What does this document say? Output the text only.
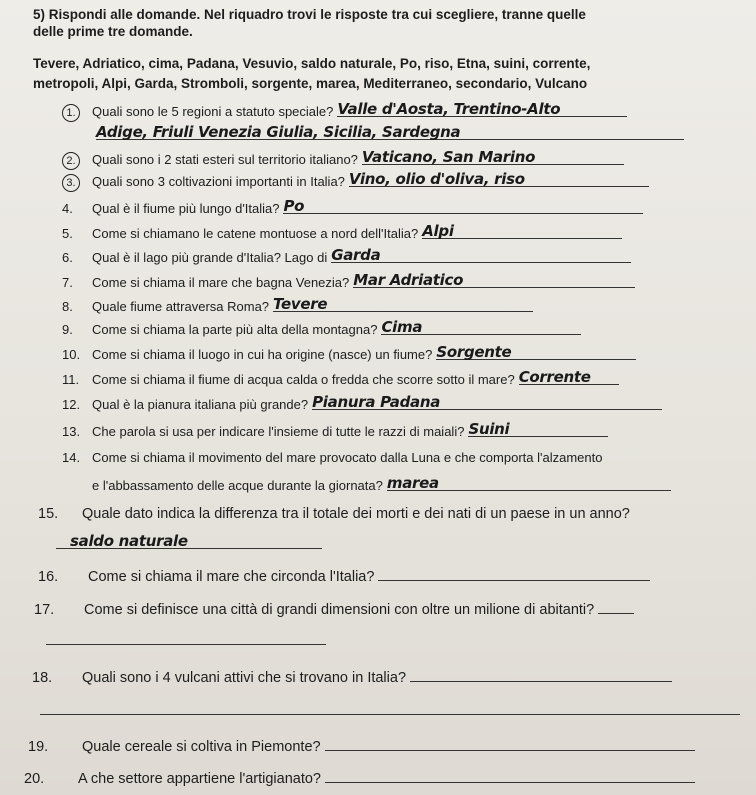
5) Rispondi alle domande. Nel riquadro trovi le risposte tra cui scegliere, tranne quelle
delle prime tre domande.
Tevere, Adriatico, cima, Padana, Vesuvio, saldo naturale, Po, riso, Etna, suini, corrente,
metropoli, Alpi, Garda, Stromboli, sorgente, marea, Mediterraneo, secondario, Vulcano
1.	Quali sono le 5 regioni a statuto speciale? Valle d'Aosta, Trentino-Alto
Adige, Friuli Venezia Giulia, Sicilia, Sardegna
2.	Quali sono i 2 stati esteri sul territorio italiano? Vaticano, San Marino
3.	Quali sono 3 coltivazioni importanti in Italia? Vino, olio d'oliva, riso
4.	Qual è il fiume più lungo d'Italia? Po
5.	Come si chiamano le catene montuose a nord dell'Italia? Alpi
6.	Qual è il lago più grande d'Italia? Lago di Garda
7.	Come si chiama il mare che bagna Venezia? Mar Adriatico
8.	Quale fiume attraversa Roma? Tevere
9.	Come si chiama la parte più alta della montagna? Cima
10. Come si chiama il luogo in cui ha origine (nasce) un fiume? Sorgente
11. Come si chiama il fiume di acqua calda o fredda che scorre sotto il mare? Corrente
12. Qual è la pianura italiana più grande? Pianura Padana
13. Che parola si usa per indicare l'insieme di tutte le razzi di maiali? Suini
14. Come si chiama il movimento del mare provocato dalla Luna e che comporta l'alzamento
e l'abbassamento delle acque durante la giornata? marea
15.	Quale dato indica la differenza tra il totale dei morti e dei nati di un paese in un anno?
saldo naturale
16.	Come si chiama il mare che circonda l'Italia?
17.	Come si definisce una città di grandi dimensioni con oltre un milione di abitanti?
18.	Quali sono i 4 vulcani attivi che si trovano in Italia?
19.	Quale cereale si coltiva in Piemonte?
20.	A che settore appartiene l'artigianato?
